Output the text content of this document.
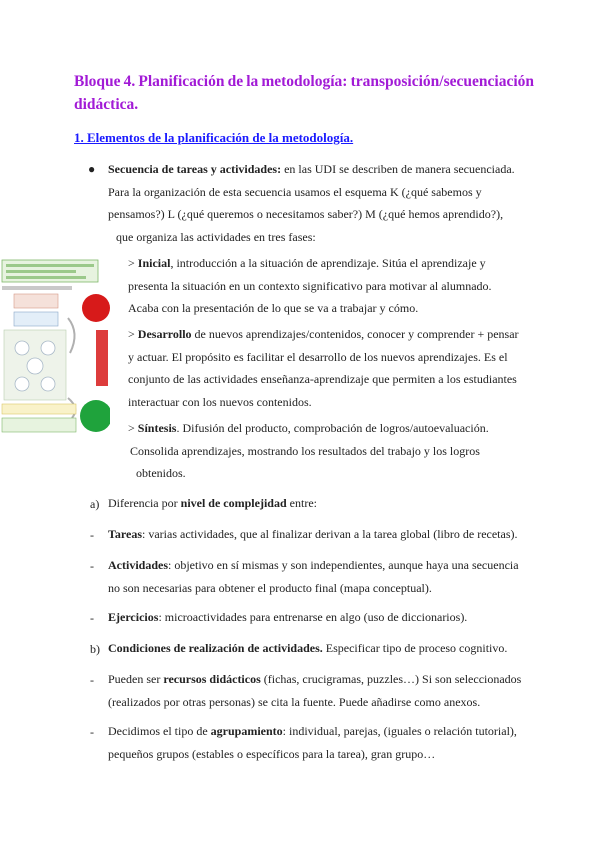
Bloque 4. Planificación de la metodología: transposición/secuenciación
didáctica.
1. Elementos de la planificación de la metodología.
● Secuencia de tareas y actividades: en las UDI se describen de manera secuenciada.
Para la organización de esta secuencia usamos el esquema K (¿qué sabemos y
pensamos?) L (¿qué queremos o necesitamos saber?) M (¿qué hemos aprendido?),
que organiza las actividades en tres fases:
> Inicial, introducción a la situación de aprendizaje. Sitúa el aprendizaje y
presenta la situación en un contexto significativo para motivar al alumnado.
Acaba con la presentación de lo que se va a trabajar y cómo.
> Desarrollo de nuevos aprendizajes/contenidos, conocer y comprender + pensar
y actuar. El propósito es facilitar el desarrollo de los nuevos aprendizajes. Es el
conjunto de las actividades enseñanza-aprendizaje que permiten a los estudiantes
interactuar con los nuevos contenidos.
> Síntesis. Difusión del producto, comprobación de logros/autoevaluación.
Consolida aprendizajes, mostrando los resultados del trabajo y los logros
obtenidos.
a) Diferencia por nivel de complejidad entre:
- Tareas: varias actividades, que al finalizar derivan a la tarea global (libro de recetas).
- Actividades: objetivo en sí mismas y son independientes, aunque haya una secuencia
no son necesarias para obtener el producto final (mapa conceptual).
- Ejercicios: microactividades para entrenarse en algo (uso de diccionarios).
b) Condiciones de realización de actividades. Especificar tipo de proceso cognitivo.
- Pueden ser recursos didácticos (fichas, crucigramas, puzzles…) Si son seleccionados
(realizados por otras personas) se cita la fuente. Puede añadirse como anexos.
- Decidimos el tipo de agrupamiento: individual, parejas, (iguales o relación tutorial),
pequeños grupos (estables o específicos para la tarea), gran grupo…
